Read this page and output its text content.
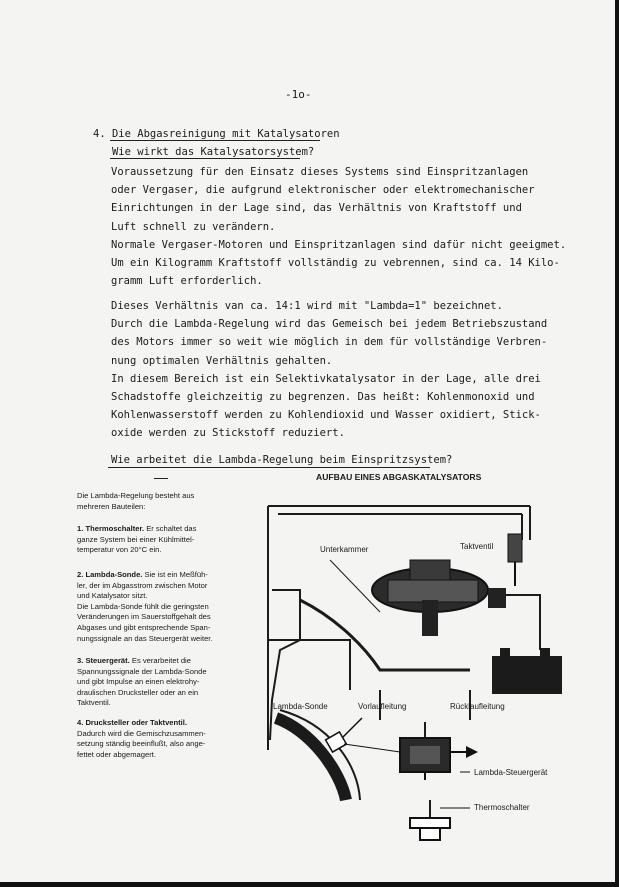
-1o-
4. Die Abgasreinigung mit Katalysatoren
Wie wirkt das Katalysatorsystem?
Voraussetzung für den Einsatz dieses Systems sind Einspritzanlagen
oder Vergaser, die aufgrund elektronischer oder elektromechanischer
Einrichtungen in der Lage sind, das Verhältnis von Kraftstoff und
Luft schnell zu verändern.
Normale Vergaser-Motoren und Einspritzanlagen sind dafür nicht geeigmet.
Um ein Kilogramm Kraftstoff vollständig zu vebrennen, sind ca. 14 Kilo-
gramm Luft erforderlich.
Dieses Verhältnis van ca. 14:1 wird mit "Lambda=1" bezeichnet.
Durch die Lambda-Regelung wird das Gemeisch bei jedem Betriebszustand
des Motors immer so weit wie möglich in dem für vollständige Verbren-
nung optimalen Verhältnis gehalten.
In diesem Bereich ist ein Selektivkatalysator in der Lage, alle drei
Schadstoffe gleichzeitig zu begrenzen. Das heißt: Kohlenmonoxid und
Kohlenwasserstoff werden zu Kohlendioxid und Wasser oxidiert, Stick-
oxide werden zu Stickstoff reduziert.
Wie arbeitet die Lambda-Regelung beim Einspritzsystem?
AUFBAU EINES ABGASKATALYSATORS
Die Lambda-Regelung besteht aus
mehreren Bauteilen:
1. Thermoschalter. Er schaltet das
ganze System bei einer Kühlmittel-
temperatur von 20°C ein.
2. Lambda-Sonde. Sie ist ein Meßfüh-
ler, der im Abgasstrom zwischen Motor
und Katalysator sitzt.
Die Lambda-Sonde fühlt die geringsten
Veränderungen im Sauerstoffgehalt des
Abgases und gibt entsprechende Span-
nungssignale an das Steuergerät weiter.
3. Steuergerät. Es verarbeitet die
Spannungssignale der Lambda-Sonde
und gibt Impulse an einen elektrohy-
draulischen Drucksteller oder an ein
Taktventil.
4. Drucksteller oder Taktventil.
Dadurch wird die Gemischzusammen-
setzung ständig beeinflußt, also ange-
fettet oder abgemagert.
Unterkammer	Taktventil
Lambda-Sonde	Vorlaufleitung	Rücklaufleitung
Lambda-Steuergerät
Thermoschalter
